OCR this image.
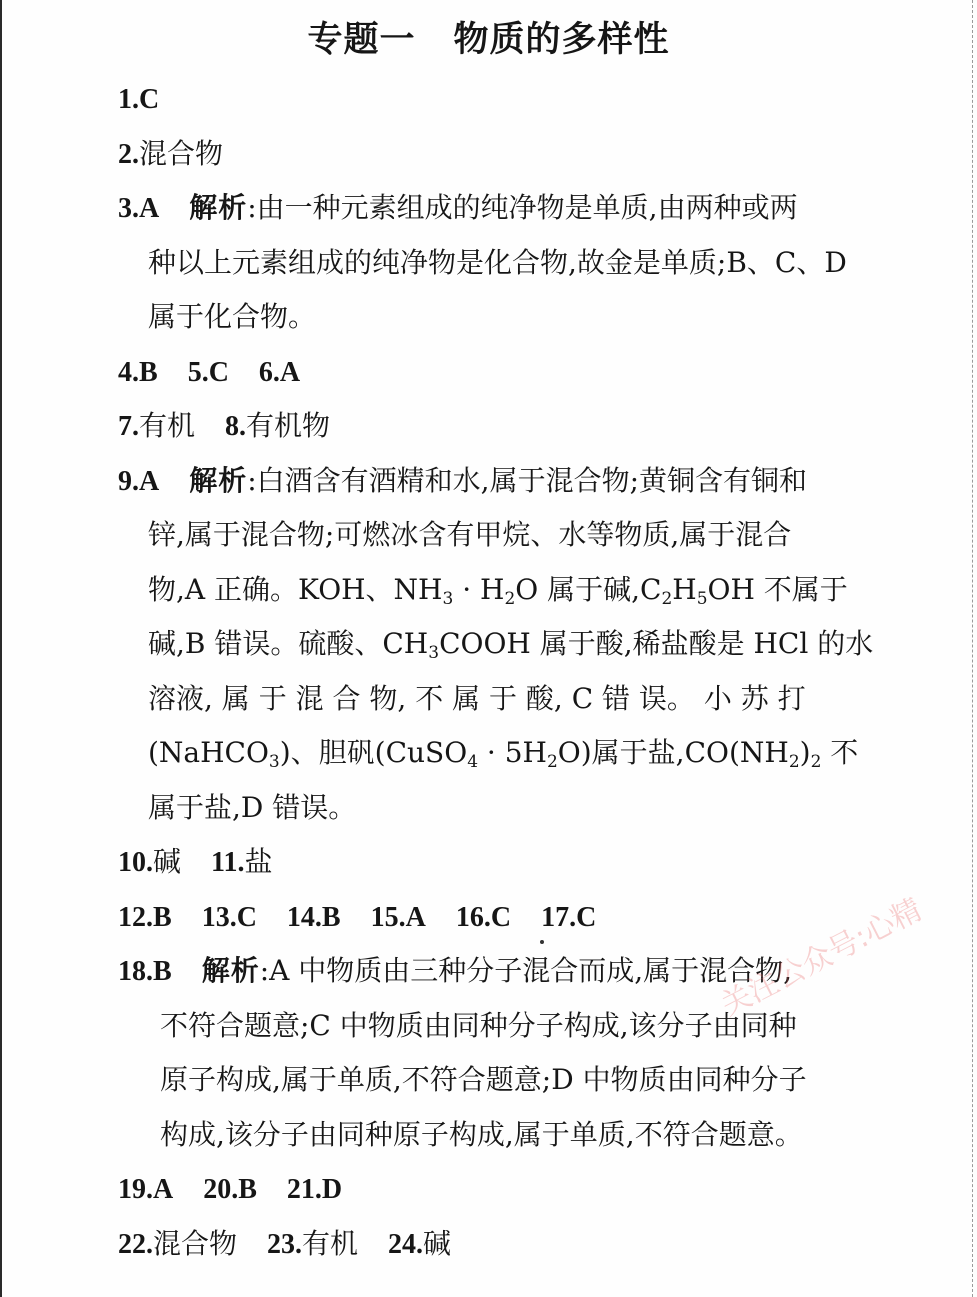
专题一 物质的多样性
1.C
2.混合物
3.A 解析:由一种元素组成的纯净物是单质,由两种或两
种以上元素组成的纯净物是化合物,故金是单质;B、C、D
属于化合物。
4.B 5.C 6.A
7.有机 8.有机物
9.A 解析:白酒含有酒精和水,属于混合物;黄铜含有铜和
锌,属于混合物;可燃冰含有甲烷、水等物质,属于混合
物,A 正确。KOH、$NH_3 \cdot H_2O$ 属于碱$,C_2H_5OH$ 不属于
碱,B 错误。硫酸、$CH_3COOH$ 属于酸,稀盐酸是 HCl 的水
溶液, 属 于 混 合 物, 不 属 于 酸, C 错 误。 小 苏 打
(NaHCO$_3$)、胆矾(CuSO$_4$ · $5H_2O$)属于盐$,CO(NH_2)_2$ 不
属于盐,D 错误。
10.碱 11.盐
12.B 13.C 14.B 15.A 16.C 17.C
18.B 解析:A 中物质由三种分子混合而成,属于混合物,
不符合题意;C 中物质由同种分子构成,该分子由同种
原子构成,属于单质,不符合题意;D 中物质由同种分子
构成,该分子由同种原子构成,属于单质,不符合题意。
19.A 20.B 21.D
22.混合物 23.有机 24.碱
关注公众号:心精
